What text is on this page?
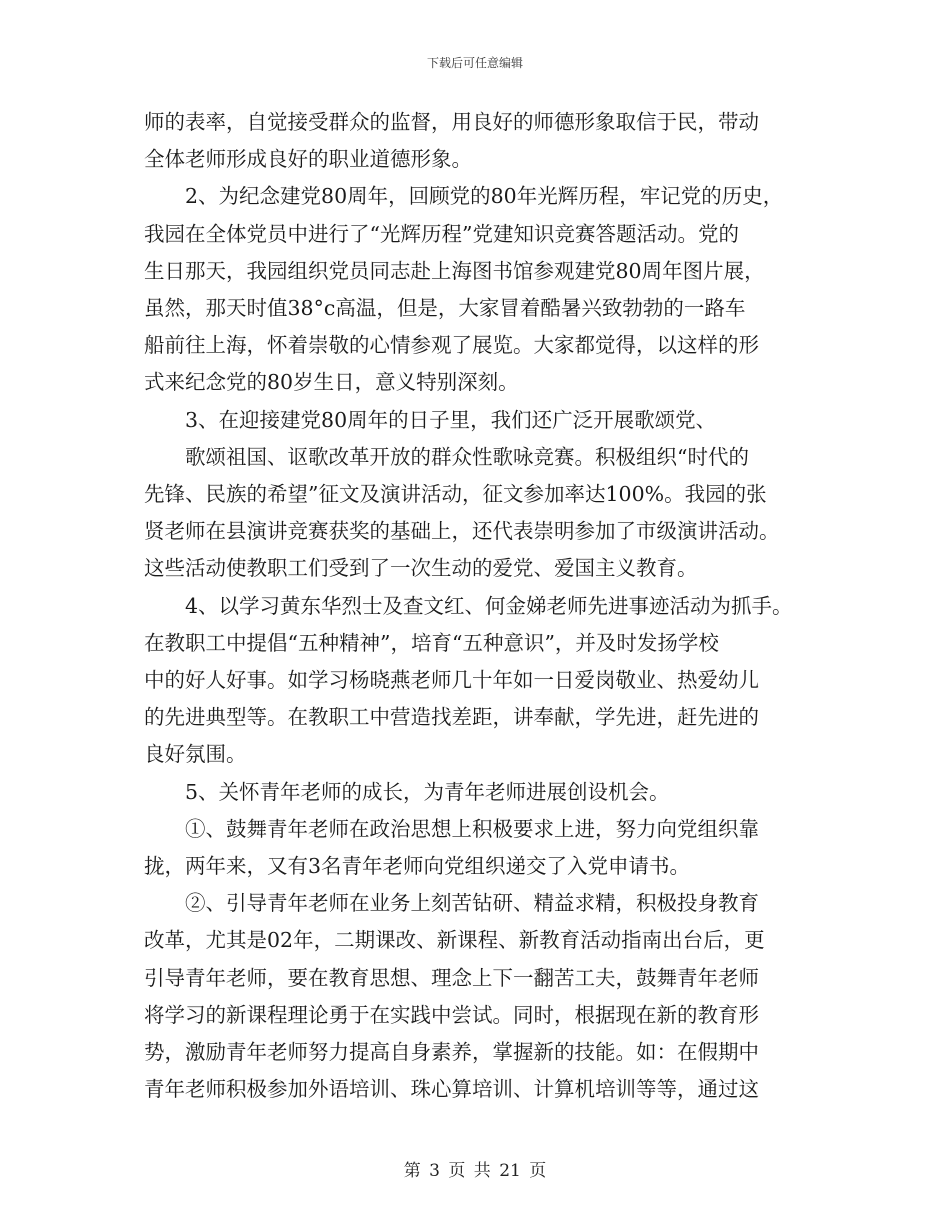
下载后可任意编辑
师的表率，自觉接受群众的监督，用良好的师德形象取信于民，带动
全体老师形成良好的职业道德形象。
2、为纪念建党80周年，回顾党的80年光辉历程，牢记党的历史，
我园在全体党员中进行了“光辉历程”党建知识竞赛答题活动。党的
生日那天，我园组织党员同志赴上海图书馆参观建党80周年图片展，
虽然，那天时值38°c高温，但是，大家冒着酷暑兴致勃勃的一路车
船前往上海，怀着崇敬的心情参观了展览。大家都觉得，以这样的形
式来纪念党的80岁生日，意义特别深刻。
3、在迎接建党80周年的日子里，我们还广泛开展歌颂党、
歌颂祖国、讴歌改革开放的群众性歌咏竞赛。积极组织“时代的
先锋、民族的希望”征文及演讲活动，征文参加率达100%。我园的张
贤老师在县演讲竞赛获奖的基础上，还代表崇明参加了市级演讲活动。
这些活动使教职工们受到了一次生动的爱党、爱国主义教育。
4、以学习黄东华烈士及查文红、何金娣老师先进事迹活动为抓手。
在教职工中提倡“五种精神”，培育“五种意识”，并及时发扬学校
中的好人好事。如学习杨晓燕老师几十年如一日爱岗敬业、热爱幼儿
的先进典型等。在教职工中营造找差距，讲奉献，学先进，赶先进的
良好氛围。
5、关怀青年老师的成长，为青年老师进展创设机会。
①、鼓舞青年老师在政治思想上积极要求上进，努力向党组织靠
拢，两年来，又有3名青年老师向党组织递交了入党申请书。
②、引导青年老师在业务上刻苦钻研、精益求精，积极投身教育
改革，尤其是02年，二期课改、新课程、新教育活动指南出台后，更
引导青年老师，要在教育思想、理念上下一翻苦工夫，鼓舞青年老师
将学习的新课程理论勇于在实践中尝试。同时，根据现在新的教育形
势，激励青年老师努力提高自身素养，掌握新的技能。如：在假期中
青年老师积极参加外语培训、珠心算培训、计算机培训等等，通过这
第 3 页 共 21 页
